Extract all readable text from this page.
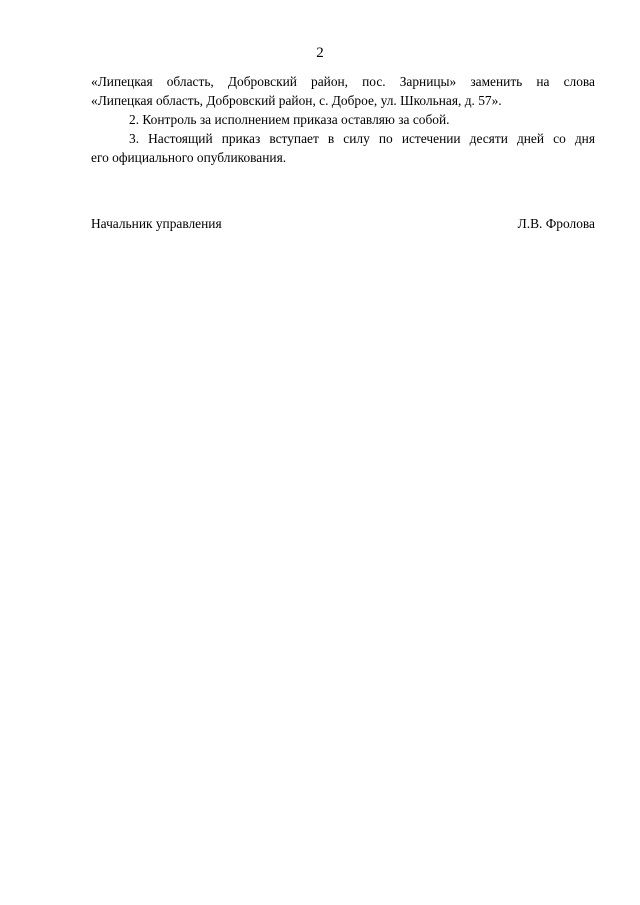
2
«Липецкая область, Добровский район, пос. Зарницы» заменить на слова
«Липецкая область, Добровский район, с. Доброе, ул. Школьная, д. 57».
2. Контроль за исполнением приказа оставляю за собой.
3. Настоящий приказ вступает в силу по истечении десяти дней со дня
его официального опубликования.
Начальник управления	Л.В. Фролова
